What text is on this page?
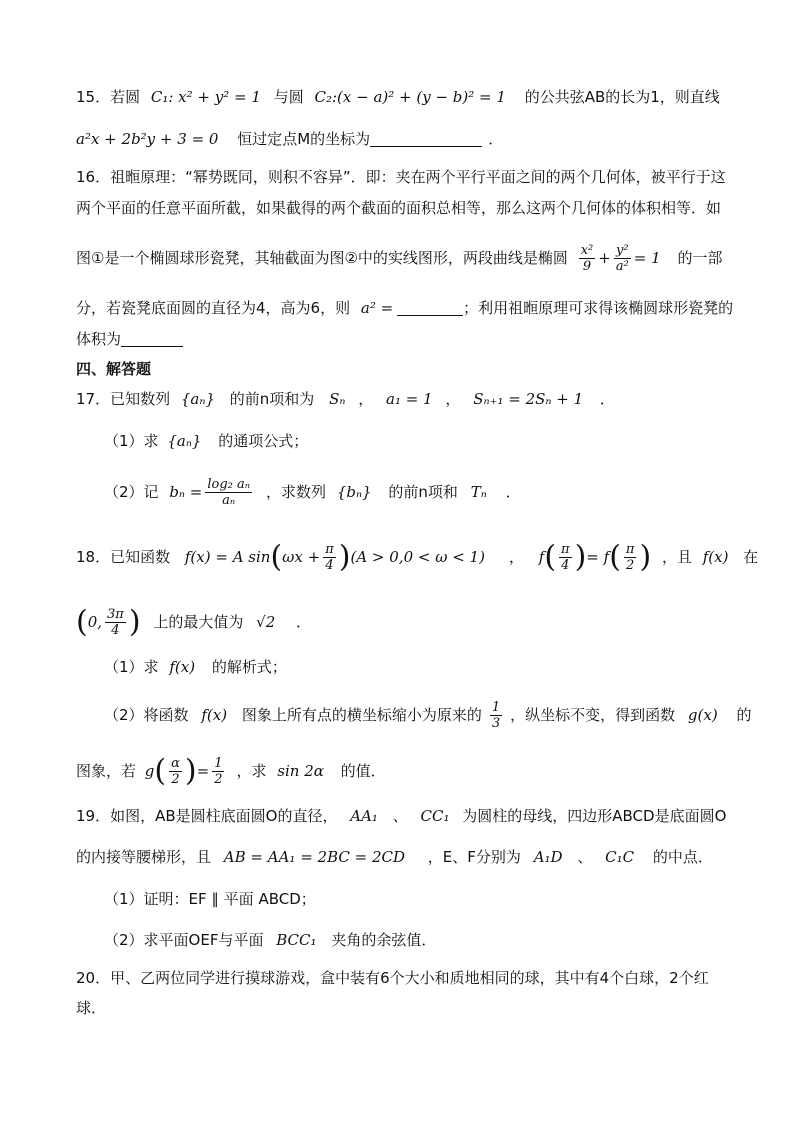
15．若圆 C₁: x² + y² = 1 与圆 C₂:(x − a)² + (y − b)² = 1 的公共弦AB的长为1，则直线
a²x + 2b²y + 3 = 0 恒过定点M的坐标为	．
16．祖暅原理：“幂势既同，则积不容异”．即：夹在两个平行平面之间的两个几何体，被平行于这
两个平面的任意平面所截，如果截得的两个截面的面积总相等，那么这两个几何体的体积相等．如
图①是一个椭圆球形瓷凳，其轴截面为图②中的实线图形，两段曲线是椭圆 $\frac{\text{x²}}{9} + \frac{\text{y²}}{\text{a²}} = 1$ 的一部
分，若瓷凳底面圆的直径为4，高为6，则 a² =	；利用祖暅原理可求得该椭圆球形瓷凳的
体积为
四、解答题
17．已知数列 {aₙ} 的前n项和为 Sₙ ， a₁ = 1 ， Sₙ₊₁ = 2Sₙ + 1 ．
（1）求 {aₙ} 的通项公式；
（2）记 $b_n = \frac{\text{log₂ aₙ}}{\text{aₙ}}$ ，求数列 {bₙ} 的前n项和 Tₙ ．
18．已知函数 f(x) = A $\sin(\omega x + \frac{\pi}{4} )(A > 0,0 < \omega < 1)$ ， $f( \frac{\pi}{4}$ )= $f( \frac{\pi}{2}$ ) ，且 f(x) 在
(0, $\frac{3\pi}{4}$ ) 上的最大值为 √2 ．
（1）求 f(x) 的解析式；
（2）将函数 f(x) 图象上所有点的横坐标缩小为原来的 $\frac{1}{3}$ ，纵坐标不变，得到函数 g(x) 的
图象，若 $g( \frac{\alpha}{2}$ )= $\frac{1}{2}$ ，求 sin 2α 的值．
19．如图，AB是圆柱底面圆O的直径， AA₁ 、 CC₁ 为圆柱的母线，四边形ABCD是底面圆O
的内接等腰梯形，且 AB = AA₁ = 2BC = 2CD ，E、F分别为 A₁D 、 C₁C 的中点．
（1）证明：EF ∥ 平面 ABCD；
（2）求平面OEF与平面 BCC₁ 夹角的余弦值．
20．甲、乙两位同学进行摸球游戏，盒中装有6个大小和质地相同的球，其中有4个白球，2个红
球．
